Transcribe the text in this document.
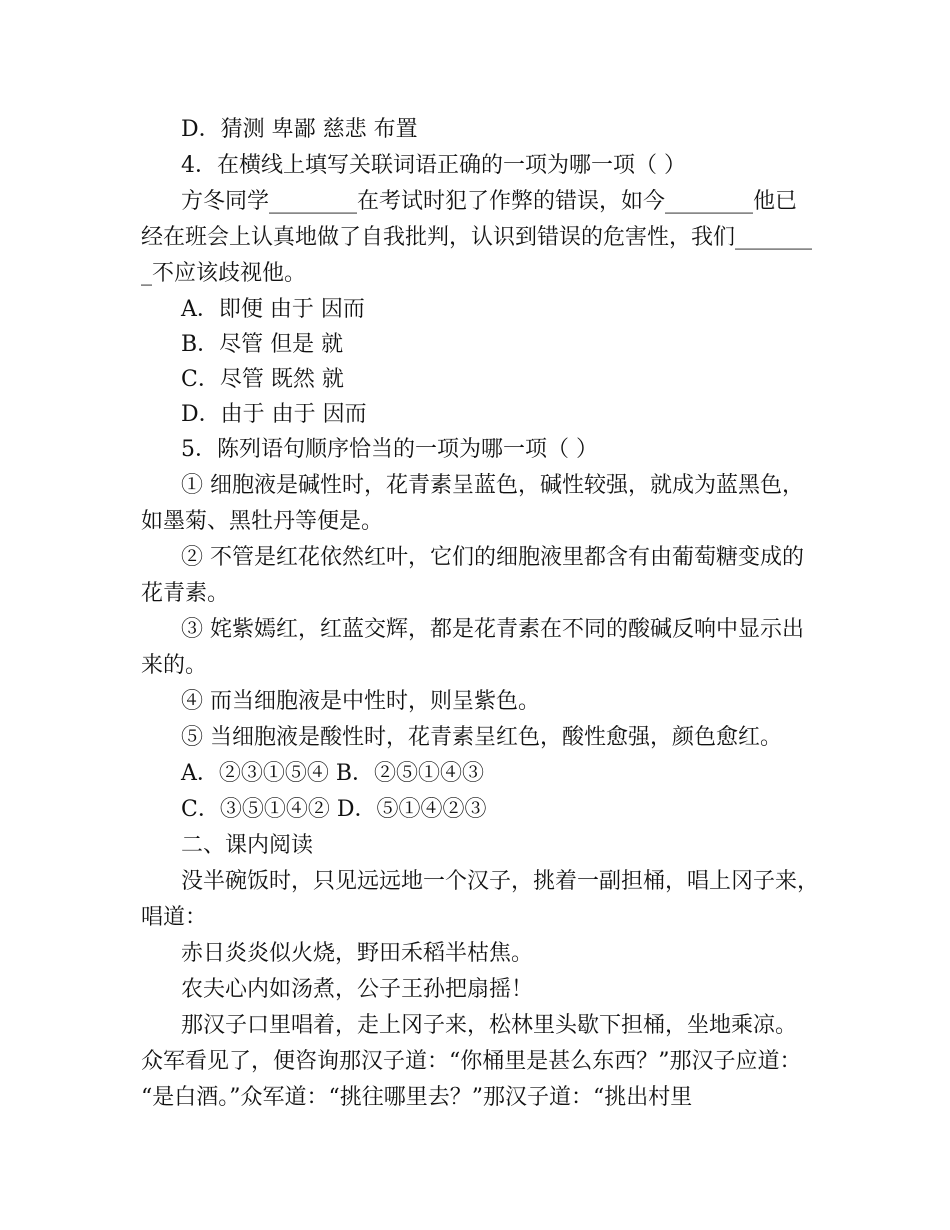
D．猜测 卑鄙 慈悲 布置

4．在横线上填写关联词语正确的一项为哪一项（ ）

方冬同学________在考试时犯了作弊的错误，如今________他已

经在班会上认真地做了自我批判，认识到错误的危害性，我们_______

_不应该歧视他。

A．即便 由于 因而

B．尽管 但是 就

C．尽管 既然 就

D．由于 由于 因而

5．陈列语句顺序恰当的一项为哪一项（ ）

① 细胞液是碱性时，花青素呈蓝色，碱性较强，就成为蓝黑色，

如墨菊、黑牡丹等便是。

② 不管是红花依然红叶，它们的细胞液里都含有由葡萄糖变成的

花青素。

③ 姹紫嫣红，红蓝交辉，都是花青素在不同的酸碱反响中显示出

来的。

④ 而当细胞液是中性时，则呈紫色。

⑤ 当细胞液是酸性时，花青素呈红色，酸性愈强，颜色愈红。

A．②③①⑤④ B．②⑤①④③

C．③⑤①④② D．⑤①④②③

二、课内阅读

没半碗饭时，只见远远地一个汉子，挑着一副担桶，唱上冈子来，

唱道：

赤日炎炎似火烧，野田禾稻半枯焦。

农夫心内如汤煮，公子王孙把扇摇！

那汉子口里唱着，走上冈子来，松林里头歇下担桶，坐地乘凉。

众军看见了，便咨询那汉子道：“你桶里是甚么东西？”那汉子应道：

“是白酒。”众军道：“挑往哪里去？”那汉子道：“挑出村里
